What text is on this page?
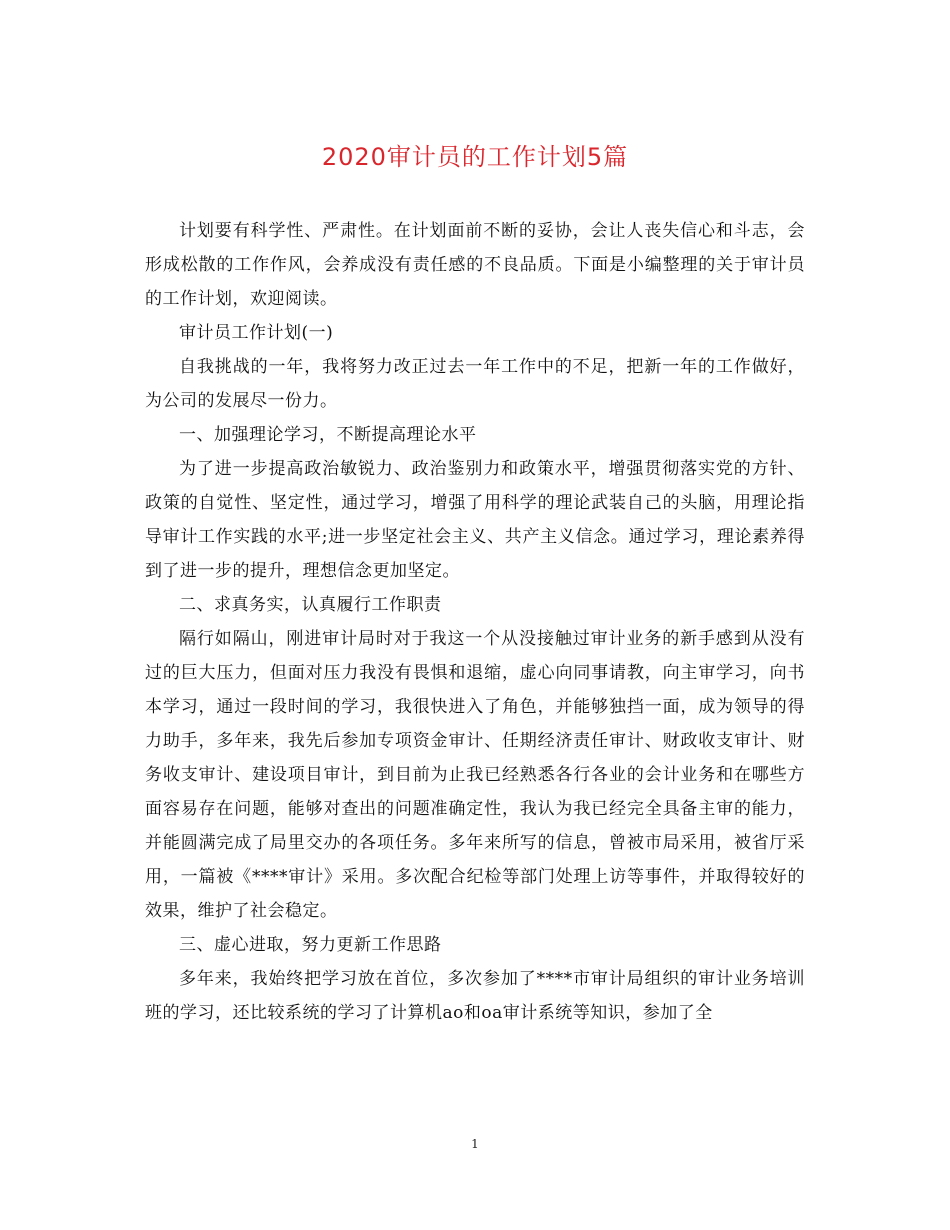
2020审计员的工作计划5篇

计划要有科学性、严肃性。在计划面前不断的妥协，会让人丧失信心和斗志，会形成松散的工作作风，会养成没有责任感的不良品质。下面是小编整理的关于审计员的工作计划，欢迎阅读。

审计员工作计划(一)

自我挑战的一年，我将努力改正过去一年工作中的不足，把新一年的工作做好，为公司的发展尽一份力。

一、加强理论学习，不断提高理论水平

为了进一步提高政治敏锐力、政治鉴别力和政策水平，增强贯彻落实党的方针、政策的自觉性、坚定性，通过学习，增强了用科学的理论武装自己的头脑，用理论指导审计工作实践的水平;进一步坚定社会主义、共产主义信念。通过学习，理论素养得到了进一步的提升，理想信念更加坚定。

二、求真务实，认真履行工作职责

隔行如隔山，刚进审计局时对于我这一个从没接触过审计业务的新手感到从没有过的巨大压力，但面对压力我没有畏惧和退缩，虚心向同事请教，向主审学习，向书本学习，通过一段时间的学习，我很快进入了角色，并能够独挡一面，成为领导的得力助手，多年来，我先后参加专项资金审计、任期经济责任审计、财政收支审计、财务收支审计、建设项目审计，到目前为止我已经熟悉各行各业的会计业务和在哪些方面容易存在问题，能够对查出的问题准确定性，我认为我已经完全具备主审的能力，并能圆满完成了局里交办的各项任务。多年来所写的信息，曾被市局采用，被省厅采用，一篇被《****审计》采用。多次配合纪检等部门处理上访等事件，并取得较好的效果，维护了社会稳定。

三、虚心进取，努力更新工作思路

多年来，我始终把学习放在首位，多次参加了****市审计局组织的审计业务培训班的学习，还比较系统的学习了计算机ao和oa审计系统等知识，参加了全

1
